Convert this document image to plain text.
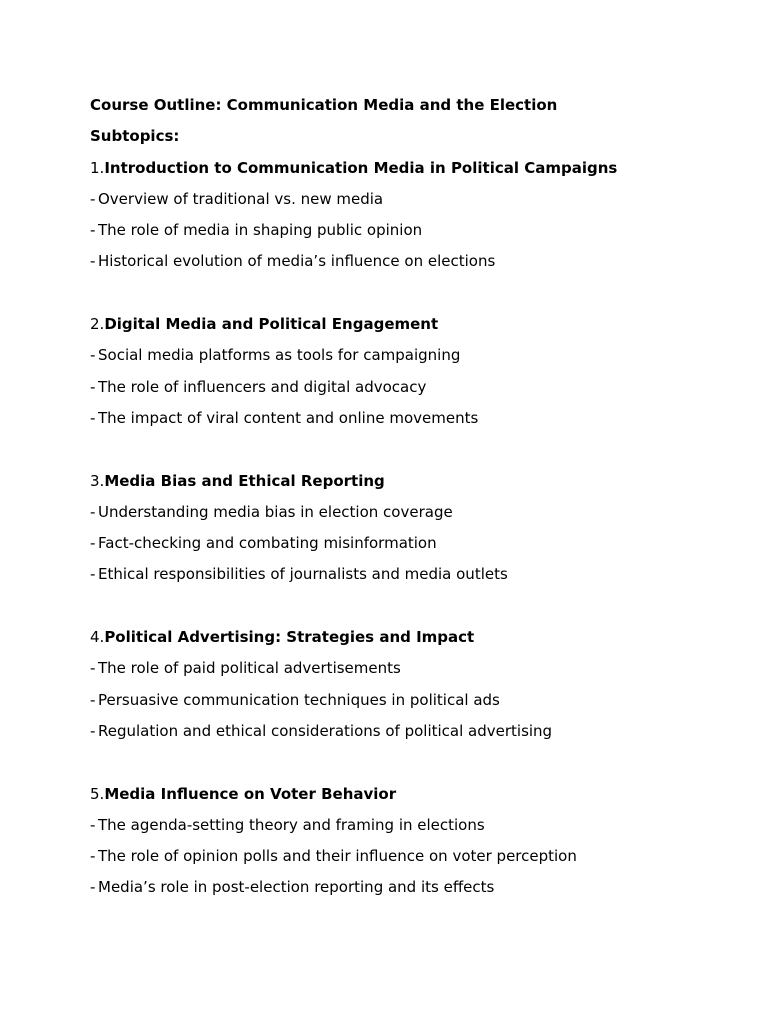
Course Outline: Communication Media and the Election
Subtopics:
1.Introduction to Communication Media in Political Campaigns
- Overview of traditional vs. new media
- The role of media in shaping public opinion
- Historical evolution of media’s influence on elections
2.Digital Media and Political Engagement
- Social media platforms as tools for campaigning
- The role of influencers and digital advocacy
- The impact of viral content and online movements
3.Media Bias and Ethical Reporting
- Understanding media bias in election coverage
- Fact-checking and combating misinformation
- Ethical responsibilities of journalists and media outlets
4.Political Advertising: Strategies and Impact
- The role of paid political advertisements
- Persuasive communication techniques in political ads
- Regulation and ethical considerations of political advertising
5.Media Influence on Voter Behavior
- The agenda-setting theory and framing in elections
- The role of opinion polls and their influence on voter perception
- Media’s role in post-election reporting and its effects
